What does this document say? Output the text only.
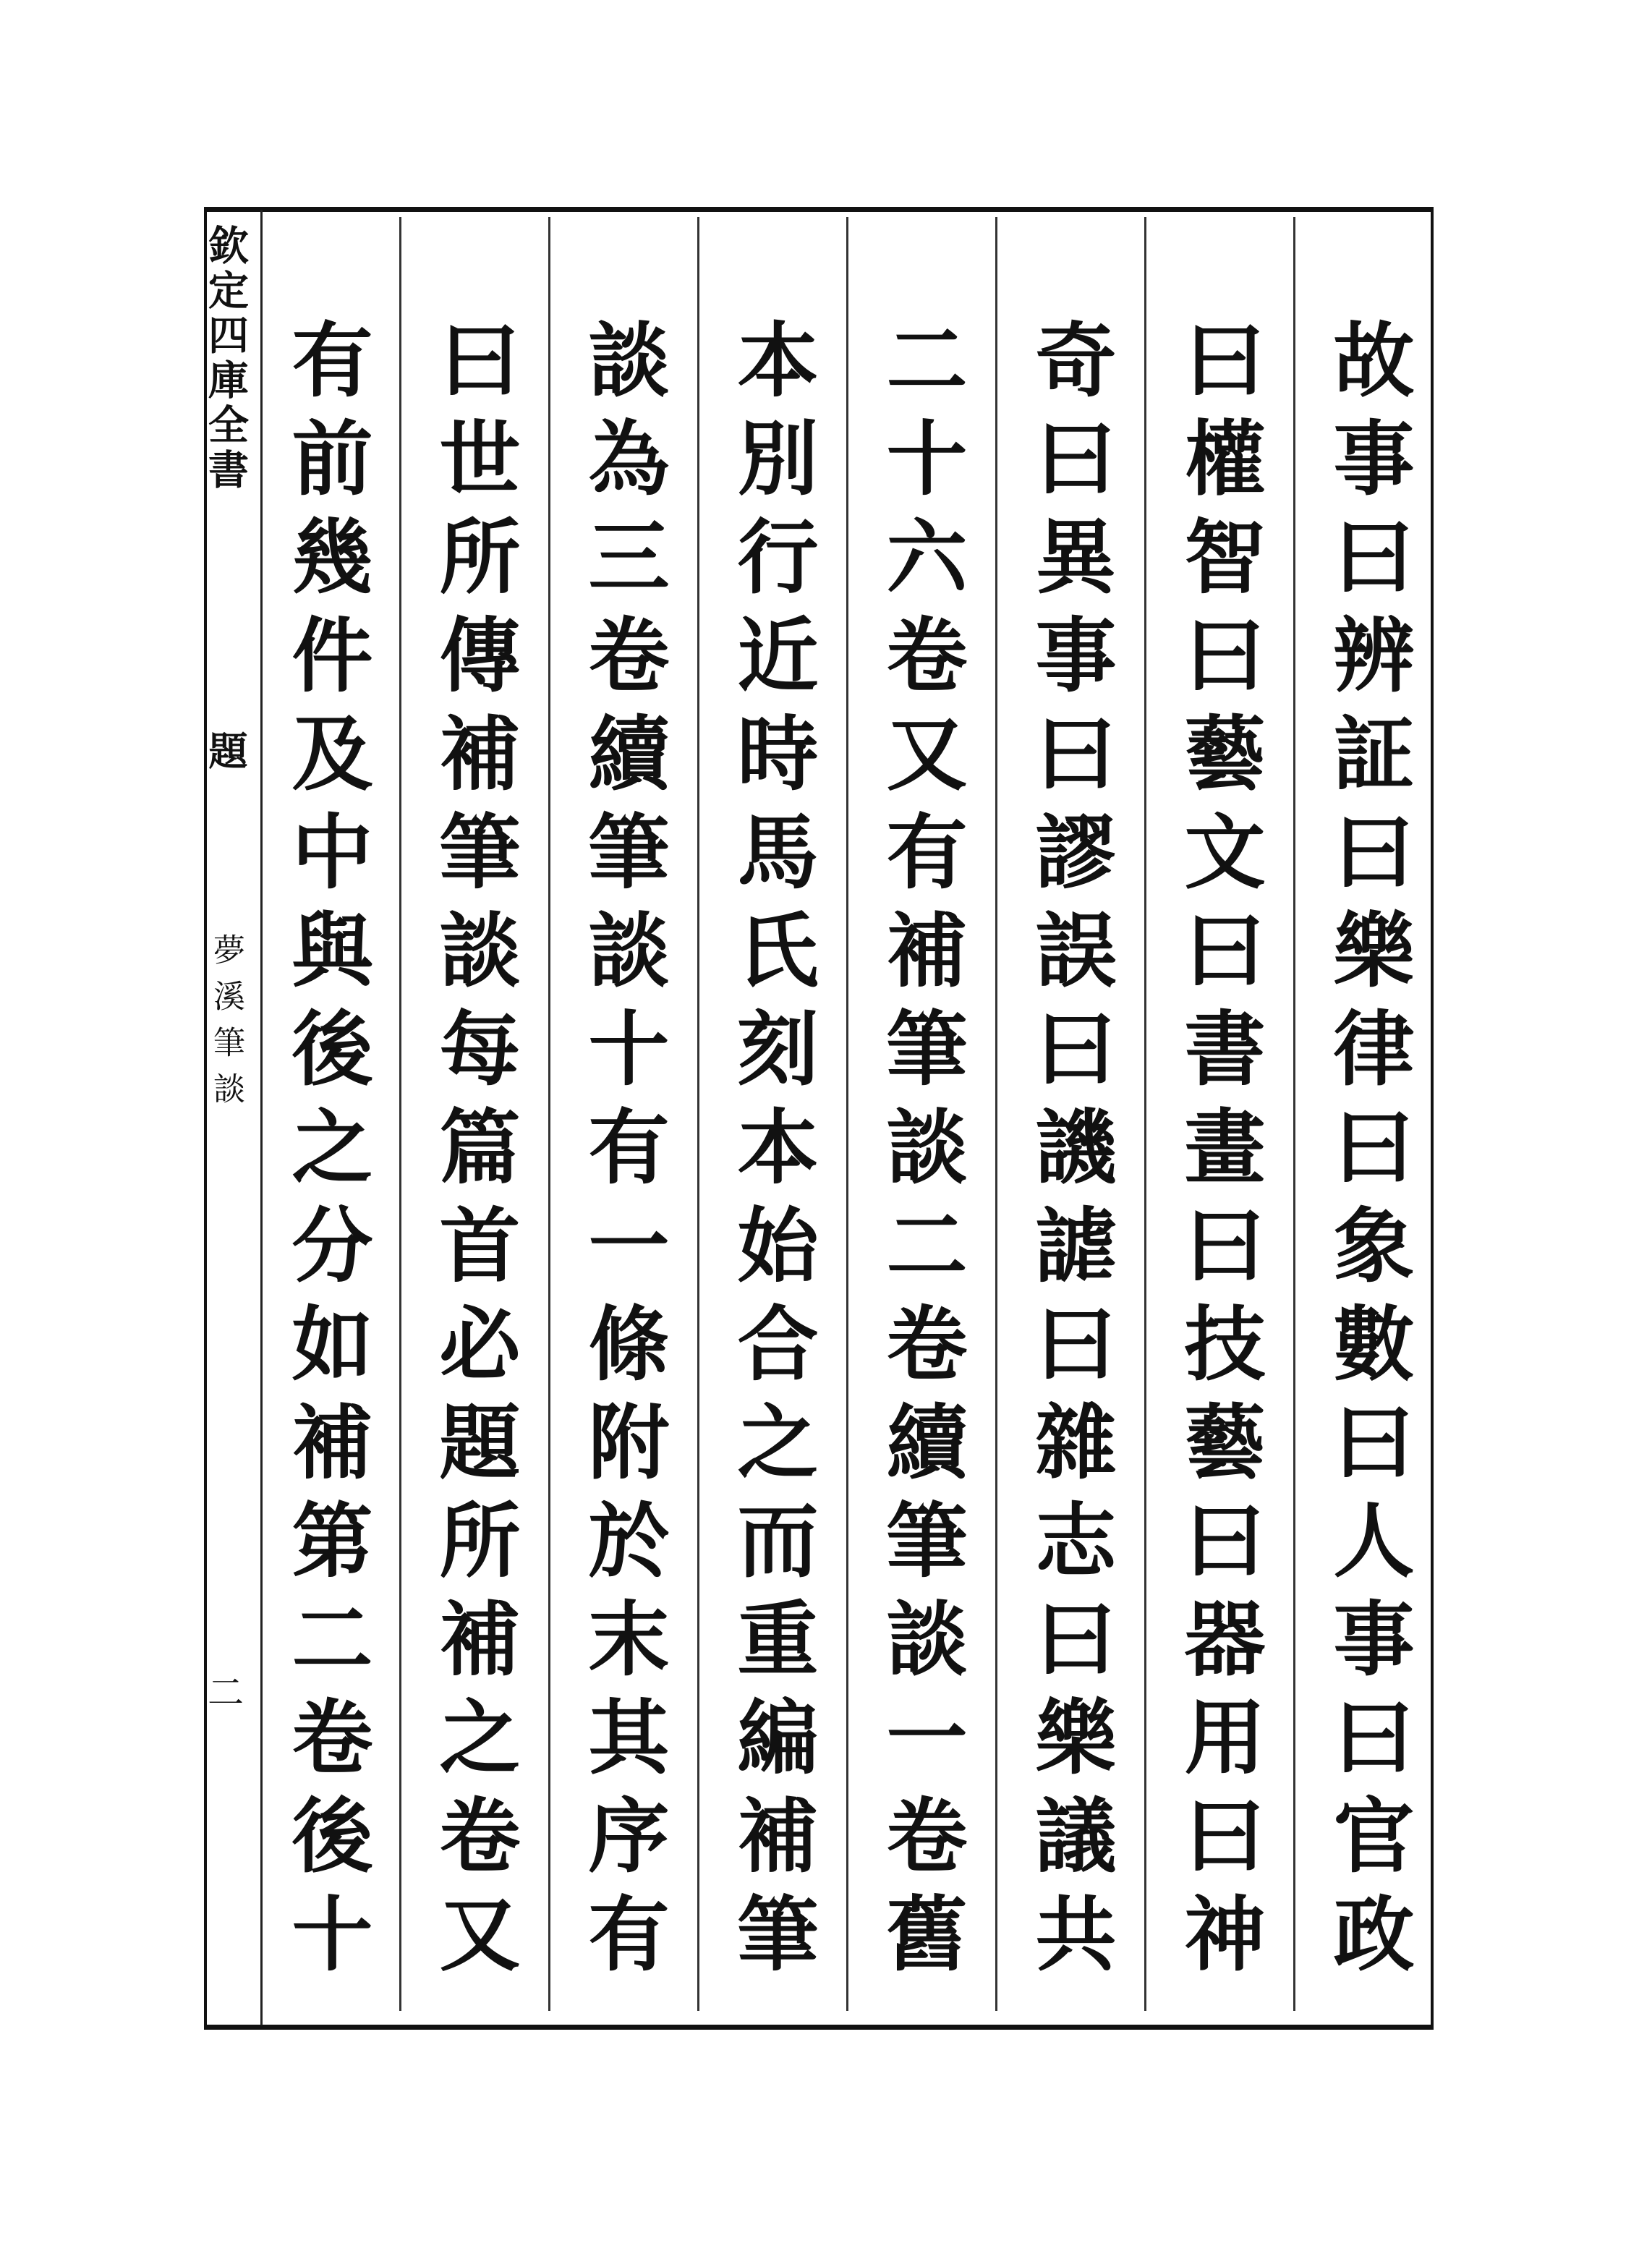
欽定四庫全書
題
夢溪筆談
二	故事曰辨証曰樂律曰象數曰人事曰官政
曰權智曰藝文曰書畫曰技藝曰器用曰神
奇曰異事曰謬誤曰譏謔曰雜志曰樂議共
二十六卷又有補筆談二卷續筆談一卷舊
本別行近時馬氏刻本始合之而重編補筆
談為三卷續筆談十有一條附於末其序有
曰世所傳補筆談每篇首必題所補之卷又
有前幾件及中與後之分如補第二卷後十
